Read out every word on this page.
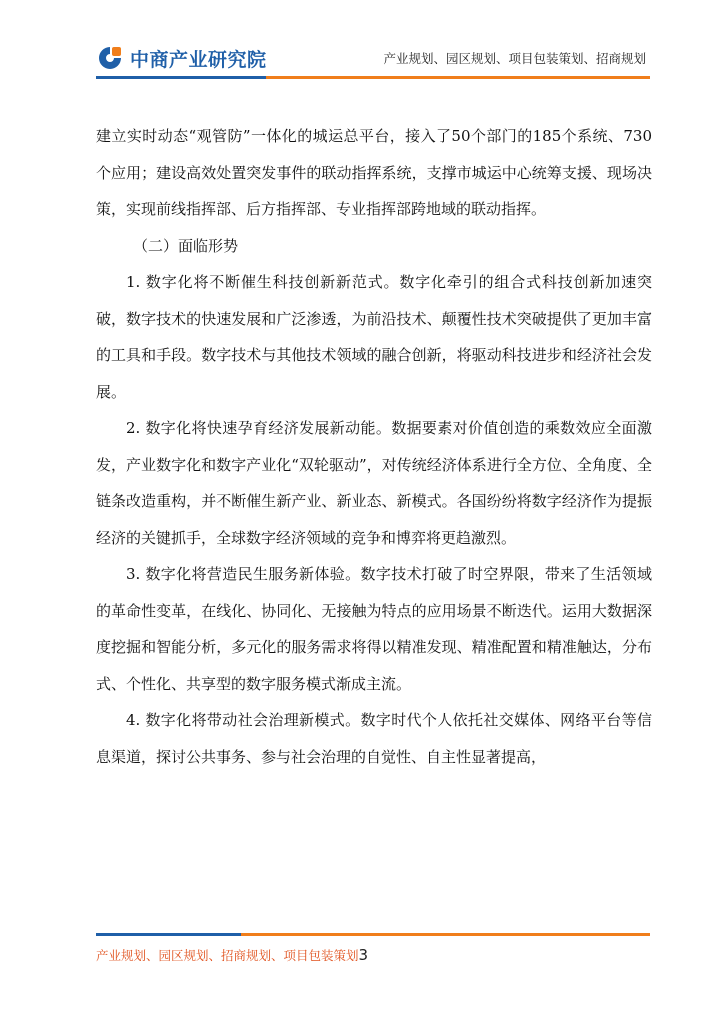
中商产业研究院	产业规划、园区规划、项目包装策划、招商规划

建立实时动态“观管防”一体化的城运总平台，接入了50个部门的185个系统、730个应用；建设高效处置突发事件的联动指挥系统，支撑市城运中心统筹支援、现场决策，实现前线指挥部、后方指挥部、专业指挥部跨地域的联动指挥。

（二）面临形势

1. 数字化将不断催生科技创新新范式。数字化牵引的组合式科技创新加速突破，数字技术的快速发展和广泛渗透，为前沿技术、颠覆性技术突破提供了更加丰富的工具和手段。数字技术与其他技术领域的融合创新，将驱动科技进步和经济社会发展。

2. 数字化将快速孕育经济发展新动能。数据要素对价值创造的乘数效应全面激发，产业数字化和数字产业化“双轮驱动”，对传统经济体系进行全方位、全角度、全链条改造重构，并不断催生新产业、新业态、新模式。各国纷纷将数字经济作为提振经济的关键抓手，全球数字经济领域的竞争和博弈将更趋激烈。

3. 数字化将营造民生服务新体验。数字技术打破了时空界限，带来了生活领域的革命性变革，在线化、协同化、无接触为特点的应用场景不断迭代。运用大数据深度挖掘和智能分析，多元化的服务需求将得以精准发现、精准配置和精准触达，分布式、个性化、共享型的数字服务模式渐成主流。

4. 数字化将带动社会治理新模式。数字时代个人依托社交媒体、网络平台等信息渠道，探讨公共事务、参与社会治理的自觉性、自主性显著提高，

产业规划、园区规划、招商规划、项目包装策划3
